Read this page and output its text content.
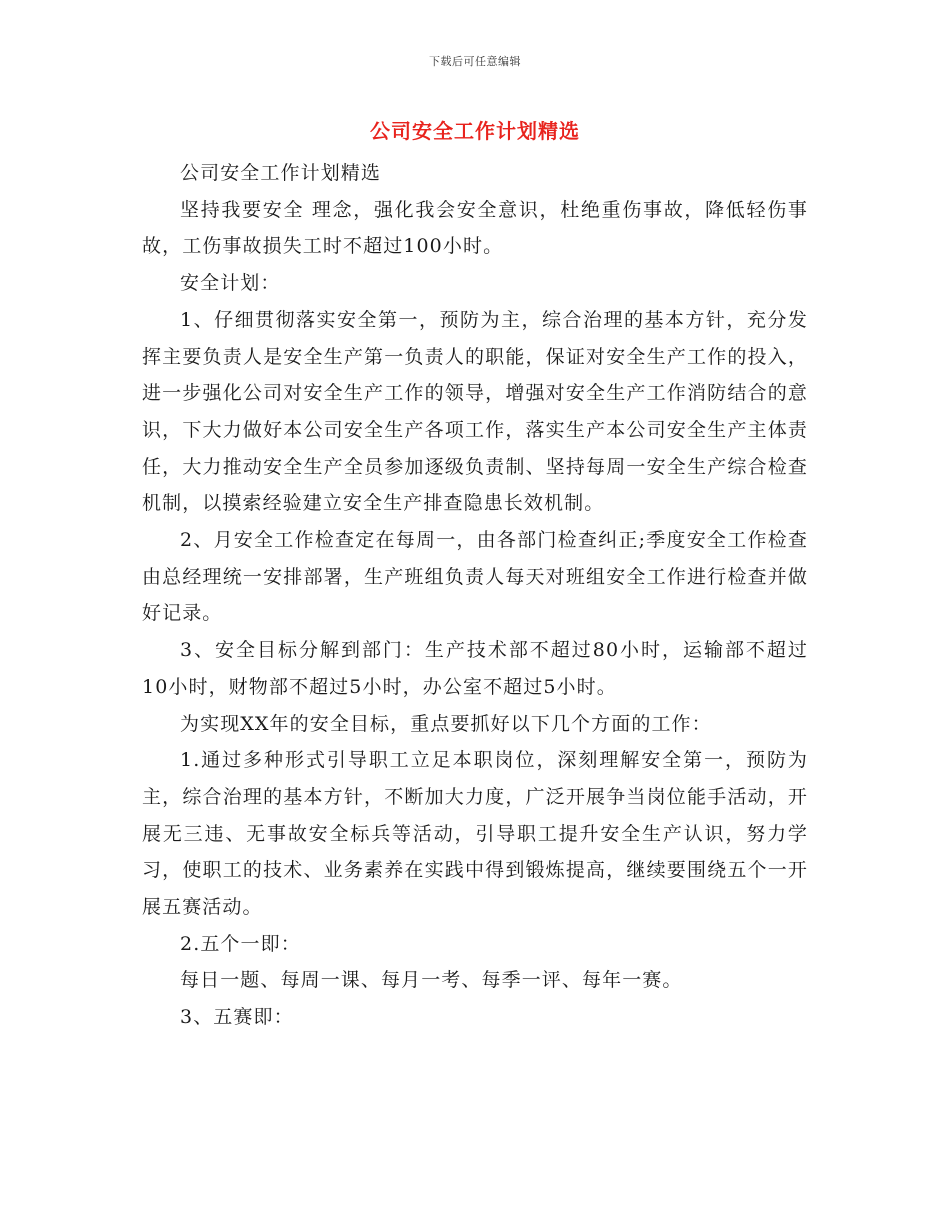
下载后可任意编辑
公司安全工作计划精选

公司安全工作计划精选

坚持我要安全 理念，强化我会安全意识，杜绝重伤事故，降低轻伤事故，工伤事故损失工时不超过100小时。

安全计划：

1、仔细贯彻落实安全第一，预防为主，综合治理的基本方针，充分发挥主要负责人是安全生产第一负责人的职能，保证对安全生产工作的投入，进一步强化公司对安全生产工作的领导，增强对安全生产工作消防结合的意识，下大力做好本公司安全生产各项工作，落实生产本公司安全生产主体责任，大力推动安全生产全员参加逐级负责制、坚持每周一安全生产综合检查机制，以摸索经验建立安全生产排查隐患长效机制。

2、月安全工作检查定在每周一，由各部门检查纠正;季度安全工作检查由总经理统一安排部署，生产班组负责人每天对班组安全工作进行检查并做好记录。

3、安全目标分解到部门：生产技术部不超过80小时，运输部不超过10小时，财物部不超过5小时，办公室不超过5小时。

为实现XX年的安全目标，重点要抓好以下几个方面的工作：

1.通过多种形式引导职工立足本职岗位，深刻理解安全第一，预防为主，综合治理的基本方针，不断加大力度，广泛开展争当岗位能手活动，开展无三违、无事故安全标兵等活动，引导职工提升安全生产认识，努力学习，使职工的技术、业务素养在实践中得到锻炼提高，继续要围绕五个一开展五赛活动。

2.五个一即：

每日一题、每周一课、每月一考、每季一评、每年一赛。

3、五赛即：
